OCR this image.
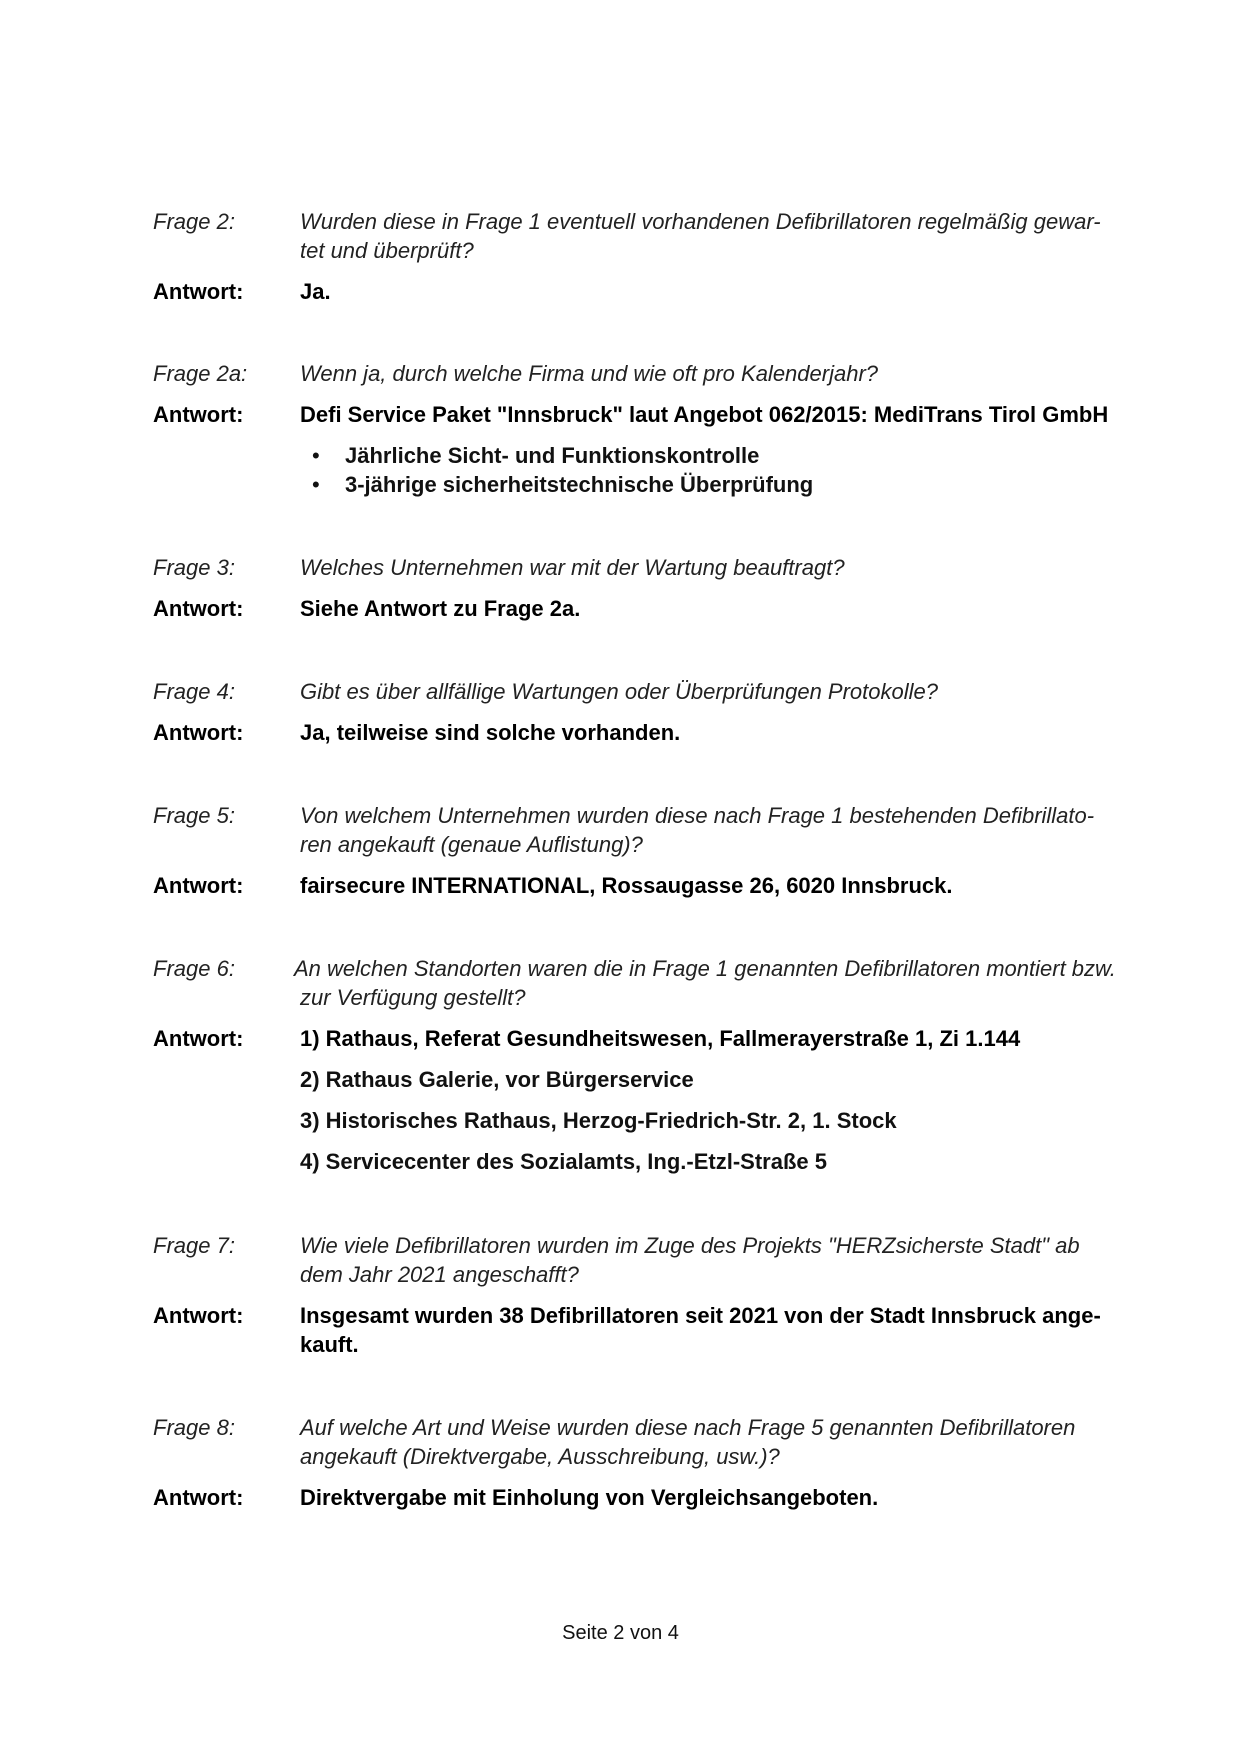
Frage 2:	Wurden diese in Frage 1 eventuell vorhandenen Defibrillatoren regelmäßig gewar-
tet und überprüft?
Antwort:	Ja.
Frage 2a:	Wenn ja, durch welche Firma und wie oft pro Kalenderjahr?
Antwort:	Defi Service Paket "Innsbruck" laut Angebot 062/2015: MediTrans Tirol GmbH
• Jährliche Sicht- und Funktionskontrolle
• 3-jährige sicherheitstechnische Überprüfung
Frage 3:	Welches Unternehmen war mit der Wartung beauftragt?
Antwort:	Siehe Antwort zu Frage 2a.
Frage 4:	Gibt es über allfällige Wartungen oder Überprüfungen Protokolle?
Antwort:	Ja, teilweise sind solche vorhanden.
Frage 5:	Von welchem Unternehmen wurden diese nach Frage 1 bestehenden Defibrillato-
ren angekauft (genaue Auflistung)?
Antwort:	fairsecure INTERNATIONAL, Rossaugasse 26, 6020 Innsbruck.
Frage 6:	An welchen Standorten waren die in Frage 1 genannten Defibrillatoren montiert bzw.
zur Verfügung gestellt?
Antwort:	1) Rathaus, Referat Gesundheitswesen, Fallmerayerstraße 1, Zi 1.144
2) Rathaus Galerie, vor Bürgerservice
3) Historisches Rathaus, Herzog-Friedrich-Str. 2, 1. Stock
4) Servicecenter des Sozialamts, Ing.-Etzl-Straße 5
Frage 7:	Wie viele Defibrillatoren wurden im Zuge des Projekts "HERZsicherste Stadt" ab
dem Jahr 2021 angeschafft?
Antwort:	Insgesamt wurden 38 Defibrillatoren seit 2021 von der Stadt Innsbruck ange-
kauft.
Frage 8:	Auf welche Art und Weise wurden diese nach Frage 5 genannten Defibrillatoren
angekauft (Direktvergabe, Ausschreibung, usw.)?
Antwort:	Direktvergabe mit Einholung von Vergleichsangeboten.
Seite 2 von 4
